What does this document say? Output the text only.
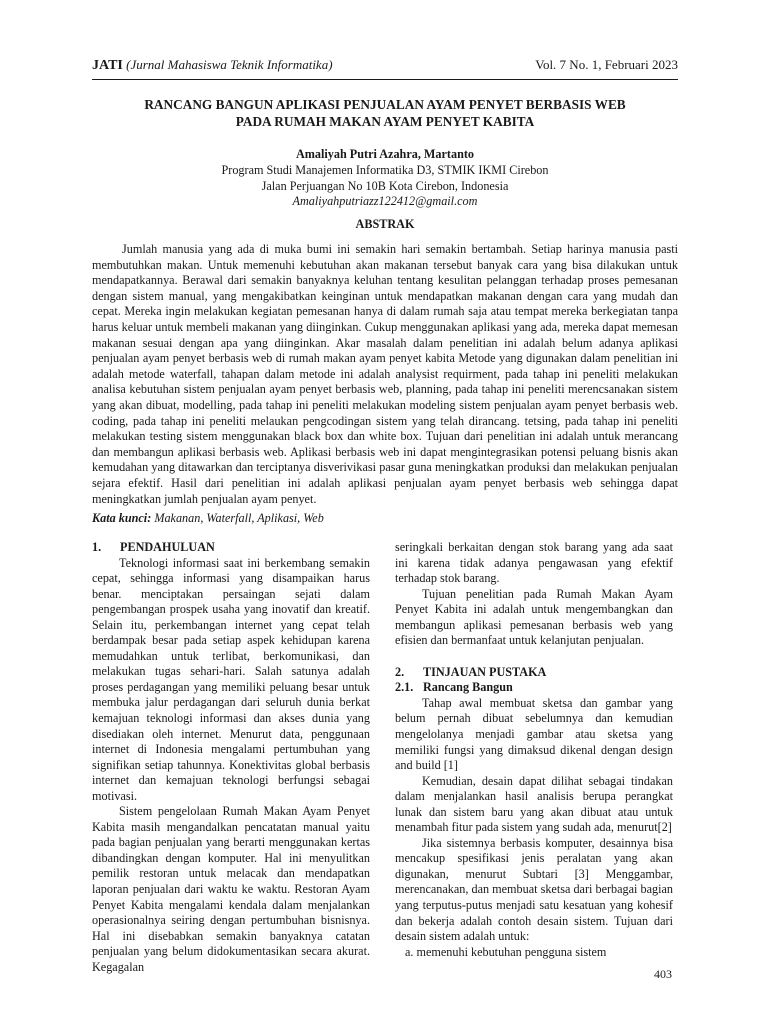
JATI (Jurnal Mahasiswa Teknik Informatika)	Vol. 7 No. 1, Februari 2023
RANCANG BANGUN APLIKASI PENJUALAN AYAM PENYET BERBASIS WEB
PADA RUMAH MAKAN AYAM PENYET KABITA
Amaliyah Putri Azahra, Martanto
Program Studi Manajemen Informatika D3, STMIK IKMI Cirebon
Jalan Perjuangan No 10B Kota Cirebon, Indonesia
Amaliyahputriazz122412@gmail.com
ABSTRAK

Jumlah manusia yang ada di muka bumi ini semakin hari semakin bertambah. Setiap harinya manusia pasti membutuhkan makan. Untuk memenuhi kebutuhan akan makanan tersebut banyak cara yang bisa dilakukan untuk mendapatkannya. Berawal dari semakin banyaknya keluhan tentang kesulitan pelanggan terhadap proses pemesanan dengan sistem manual, yang mengakibatkan keinginan untuk mendapatkan makanan dengan cara yang mudah dan cepat. Mereka ingin melakukan kegiatan pemesanan hanya di dalam rumah saja atau tempat mereka berkegiatan tanpa harus keluar untuk membeli makanan yang diinginkan. Cukup menggunakan aplikasi yang ada, mereka dapat memesan makanan sesuai dengan apa yang diinginkan. Akar masalah dalam penelitian ini adalah belum adanya aplikasi penjualan ayam penyet berbasis web di rumah makan ayam penyet kabita Metode yang digunakan dalam penelitian ini adalah metode waterfall, tahapan dalam metode ini adalah analysist requirment, pada tahap ini peneliti melakukan analisa kebutuhan sistem penjualan ayam penyet berbasis web, planning, pada tahap ini peneliti merencsanakan sistem yang akan dibuat, modelling, pada tahap ini peneliti melakukan modeling sistem penjualan ayam penyet berbasis web. coding, pada tahap ini peneliti melaukan pengcodingan sistem yang telah dirancang. tetsing, pada tahap ini peneliti melakukan testing sistem menggunakan black box dan white box. Tujuan dari penelitian ini adalah untuk merancang dan membangun aplikasi berbasis web. Aplikasi berbasis web ini dapat mengintegrasikan potensi peluang bisnis akan kemudahan yang ditawarkan dan terciptanya disverivikasi pasar guna meningkatkan produksi dan melakukan penjualan sejara efektif. Hasil dari penelitian ini adalah aplikasi penjualan ayam penyet berbasis web sehingga dapat meningkatkan jumlah penjualan ayam penyet.

Kata kunci: Makanan, Waterfall, Aplikasi, Web
1. PENDAHULUAN

Teknologi informasi saat ini berkembang semakin cepat, sehingga informasi yang disampaikan harus benar. menciptakan persaingan sejati dalam pengembangan prospek usaha yang inovatif dan kreatif. Selain itu, perkembangan internet yang cepat telah berdampak besar pada setiap aspek kehidupan karena memudahkan untuk terlibat, berkomunikasi, dan melakukan tugas sehari-hari. Salah satunya adalah proses perdagangan yang memiliki peluang besar untuk membuka jalur perdagangan dari seluruh dunia berkat kemajuan teknologi informasi dan akses dunia yang disediakan oleh internet. Menurut data, penggunaan internet di Indonesia mengalami pertumbuhan yang signifikan setiap tahunnya. Konektivitas global berbasis internet dan kemajuan teknologi berfungsi sebagai motivasi.

Sistem pengelolaan Rumah Makan Ayam Penyet Kabita masih mengandalkan pencatatan manual yaitu pada bagian penjualan yang berarti menggunakan kertas dibandingkan dengan komputer. Hal ini menyulitkan pemilik restoran untuk melacak dan mendapatkan laporan penjualan dari waktu ke waktu. Restoran Ayam Penyet Kabita mengalami kendala dalam menjalankan operasionalnya seiring dengan pertumbuhan bisnisnya. Hal ini disebabkan semakin banyaknya catatan penjualan yang belum didokumentasikan secara akurat. Kegagalan

seringkali berkaitan dengan stok barang yang ada saat ini karena tidak adanya pengawasan yang efektif terhadap stok barang.

Tujuan penelitian pada Rumah Makan Ayam Penyet Kabita ini adalah untuk mengembangkan dan membangun aplikasi pemesanan berbasis web yang efisien dan bermanfaat untuk kelanjutan penjualan.

2. TINJAUAN PUSTAKA
2.1. Rancang Bangun

Tahap awal membuat sketsa dan gambar yang belum pernah dibuat sebelumnya dan kemudian mengelolanya menjadi gambar atau sketsa yang memiliki fungsi yang dimaksud dikenal dengan design and build [1]

Kemudian, desain dapat dilihat sebagai tindakan dalam menjalankan hasil analisis berupa perangkat lunak dan sistem baru yang akan dibuat atau untuk menambah fitur pada sistem yang sudah ada, menurut[2]

Jika sistemnya berbasis komputer, desainnya bisa mencakup spesifikasi jenis peralatan yang akan digunakan, menurut Subtari [3] Menggambar, merencanakan, dan membuat sketsa dari berbagai bagian yang terputus-putus menjadi satu kesatuan yang kohesif dan bekerja adalah contoh desain sistem. Tujuan dari desain sistem adalah untuk:

a. memenuhi kebutuhan pengguna sistem

403
